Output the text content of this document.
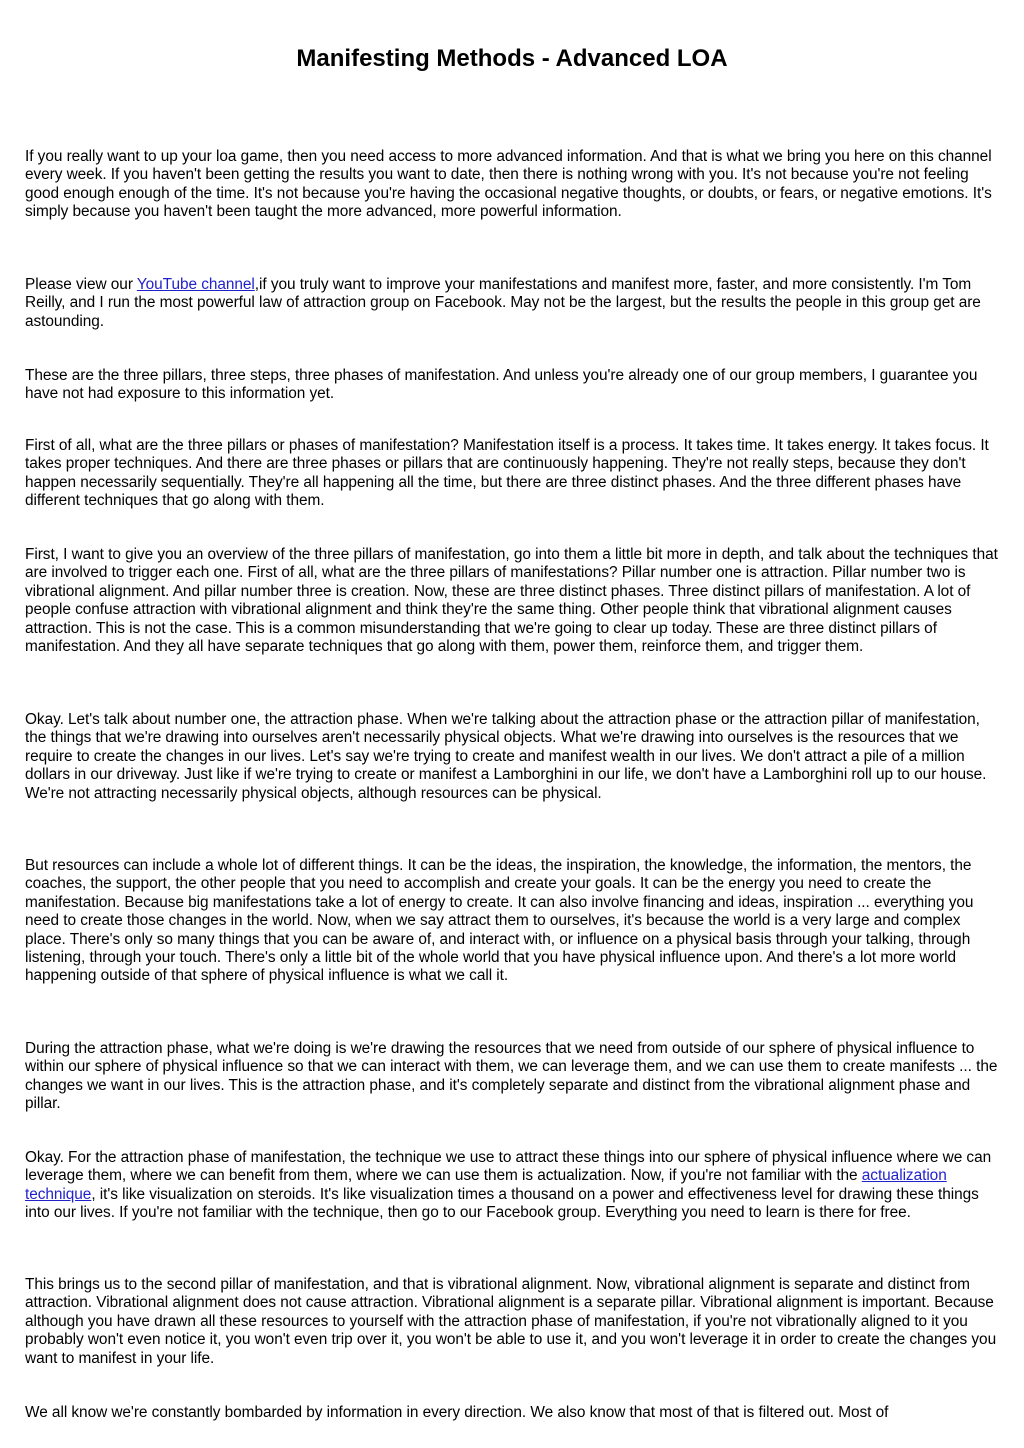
Manifesting Methods - Advanced LOA

If you really want to up your loa game, then you need access to more advanced information. And that is what we bring you here on this channel every week. If you haven't been getting the results you want to date, then there is nothing wrong with you. It's not because you're not feeling good enough enough of the time. It's not because you're having the occasional negative thoughts, or doubts, or fears, or negative emotions. It's simply because you haven't been taught the more advanced, more powerful information.

Please view our YouTube channel,if you truly want to improve your manifestations and manifest more, faster, and more consistently. I'm Tom Reilly, and I run the most powerful law of attraction group on Facebook. May not be the largest, but the results the people in this group get are astounding.

These are the three pillars, three steps, three phases of manifestation. And unless you're already one of our group members, I guarantee you have not had exposure to this information yet.

First of all, what are the three pillars or phases of manifestation? Manifestation itself is a process. It takes time. It takes energy. It takes focus. It takes proper techniques. And there are three phases or pillars that are continuously happening. They're not really steps, because they don't happen necessarily sequentially. They're all happening all the time, but there are three distinct phases. And the three different phases have different techniques that go along with them.

First, I want to give you an overview of the three pillars of manifestation, go into them a little bit more in depth, and talk about the techniques that are involved to trigger each one. First of all, what are the three pillars of manifestations? Pillar number one is attraction. Pillar number two is vibrational alignment. And pillar number three is creation. Now, these are three distinct phases. Three distinct pillars of manifestation. A lot of people confuse attraction with vibrational alignment and think they're the same thing. Other people think that vibrational alignment causes attraction. This is not the case. This is a common misunderstanding that we're going to clear up today. These are three distinct pillars of manifestation. And they all have separate techniques that go along with them, power them, reinforce them, and trigger them.

Okay. Let's talk about number one, the attraction phase. When we're talking about the attraction phase or the attraction pillar of manifestation, the things that we're drawing into ourselves aren't necessarily physical objects. What we're drawing into ourselves is the resources that we require to create the changes in our lives. Let's say we're trying to create and manifest wealth in our lives. We don't attract a pile of a million dollars in our driveway. Just like if we're trying to create or manifest a Lamborghini in our life, we don't have a Lamborghini roll up to our house. We're not attracting necessarily physical objects, although resources can be physical.

But resources can include a whole lot of different things. It can be the ideas, the inspiration, the knowledge, the information, the mentors, the coaches, the support, the other people that you need to accomplish and create your goals. It can be the energy you need to create the manifestation. Because big manifestations take a lot of energy to create. It can also involve financing and ideas, inspiration ... everything you need to create those changes in the world. Now, when we say attract them to ourselves, it's because the world is a very large and complex place. There's only so many things that you can be aware of, and interact with, or influence on a physical basis through your talking, through listening, through your touch. There's only a little bit of the whole world that you have physical influence upon. And there's a lot more world happening outside of that sphere of physical influence is what we call it.

During the attraction phase, what we're doing is we're drawing the resources that we need from outside of our sphere of physical influence to within our sphere of physical influence so that we can interact with them, we can leverage them, and we can use them to create manifests ... the changes we want in our lives. This is the attraction phase, and it's completely separate and distinct from the vibrational alignment phase and pillar.

Okay. For the attraction phase of manifestation, the technique we use to attract these things into our sphere of physical influence where we can leverage them, where we can benefit from them, where we can use them is actualization. Now, if you're not familiar with the actualization technique, it's like visualization on steroids. It's like visualization times a thousand on a power and effectiveness level for drawing these things into our lives. If you're not familiar with the technique, then go to our Facebook group. Everything you need to learn is there for free.

This brings us to the second pillar of manifestation, and that is vibrational alignment. Now, vibrational alignment is separate and distinct from attraction. Vibrational alignment does not cause attraction. Vibrational alignment is a separate pillar. Vibrational alignment is important. Because although you have drawn all these resources to yourself with the attraction phase of manifestation, if you're not vibrationally aligned to it you probably won't even notice it, you won't even trip over it, you won't be able to use it, and you won't leverage it in order to create the changes you want to manifest in your life.

We all know we're constantly bombarded by information in every direction. We also know that most of that is filtered out. Most of
